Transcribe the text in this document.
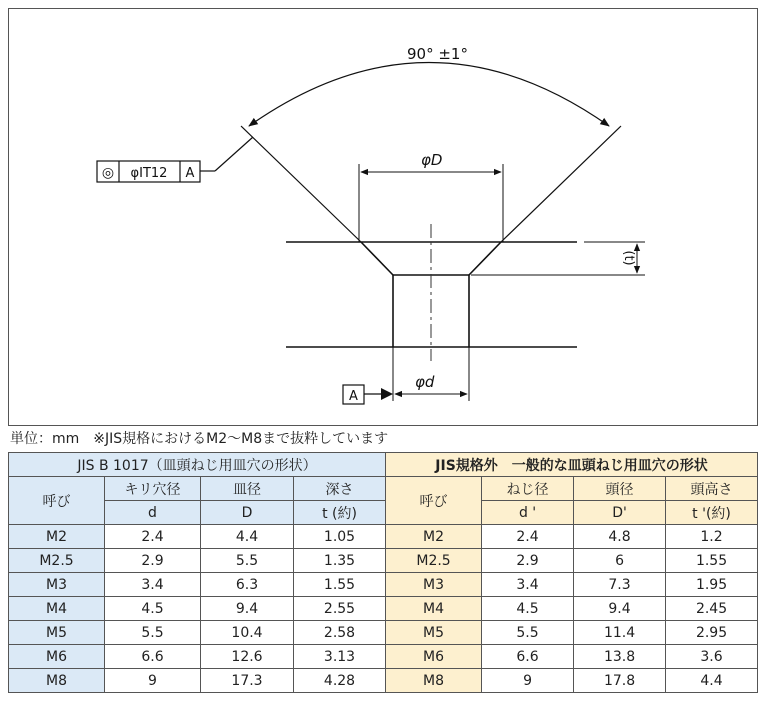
90° ±1°
◎ φIT12 A
φD
(t)
φd
A
単位：mm　※JIS規格におけるM2～M8まで抜粋しています
JIS B 1017（皿頭ねじ用皿穴の形状）				JIS規格外　一般的な皿頭ねじ用皿穴の形状			
呼び	キリ穴径	皿径	深さ	呼び	ねじ径	頭径	頭高さ
	d	D	t (約)		d '	D'	t '(約)
M2	2.4	4.4	1.05	M2	2.4	4.8	1.2
M2.5	2.9	5.5	1.35	M2.5	2.9	6	1.55
M3	3.4	6.3	1.55	M3	3.4	7.3	1.95
M4	4.5	9.4	2.55	M4	4.5	9.4	2.45
M5	5.5	10.4	2.58	M5	5.5	11.4	2.95
M6	6.6	12.6	3.13	M6	6.6	13.8	3.6
M8	9	17.3	4.28	M8	9	17.8	4.4
